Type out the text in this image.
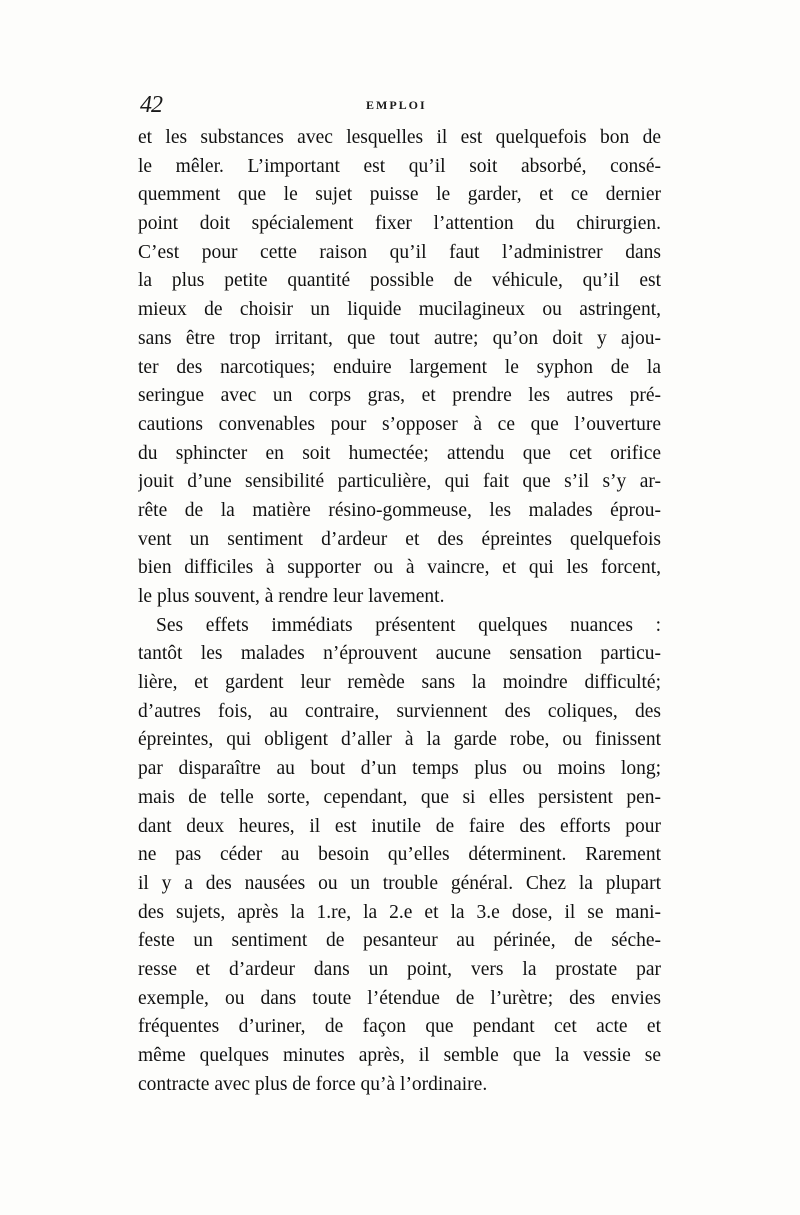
42	EMPLOI
et les substances avec lesquelles il est quelquefois bon de
le mêler. L’important est qu’il soit absorbé, consé-
quemment que le sujet puisse le garder, et ce dernier
point doit spécialement fixer l’attention du chirurgien.
C’est pour cette raison qu’il faut l’administrer dans
la plus petite quantité possible de véhicule, qu’il est
mieux de choisir un liquide mucilagineux ou astringent,
sans être trop irritant, que tout autre; qu’on doit y ajou-
ter des narcotiques; enduire largement le syphon de la
seringue avec un corps gras, et prendre les autres pré-
cautions convenables pour s’opposer à ce que l’ouverture
du sphincter en soit humectée; attendu que cet orifice
jouit d’une sensibilité particulière, qui fait que s’il s’y ar-
rête de la matière résino-gommeuse, les malades éprou-
vent un sentiment d’ardeur et des épreintes quelquefois
bien difficiles à supporter ou à vaincre, et qui les forcent,
le plus souvent, à rendre leur lavement.
Ses effets immédiats présentent quelques nuances :
tantôt les malades n’éprouvent aucune sensation particu-
lière, et gardent leur remède sans la moindre difficulté;
d’autres fois, au contraire, surviennent des coliques, des
épreintes, qui obligent d’aller à la garde robe, ou finissent
par disparaître au bout d’un temps plus ou moins long;
mais de telle sorte, cependant, que si elles persistent pen-
dant deux heures, il est inutile de faire des efforts pour
ne pas céder au besoin qu’elles déterminent. Rarement
il y a des nausées ou un trouble général. Chez la plupart
des sujets, après la 1.re, la 2.e et la 3.e dose, il se mani-
feste un sentiment de pesanteur au périnée, de séche-
resse et d’ardeur dans un point, vers la prostate par
exemple, ou dans toute l’étendue de l’urètre; des envies
fréquentes d’uriner, de façon que pendant cet acte et
même quelques minutes après, il semble que la vessie se
contracte avec plus de force qu’à l’ordinaire.
